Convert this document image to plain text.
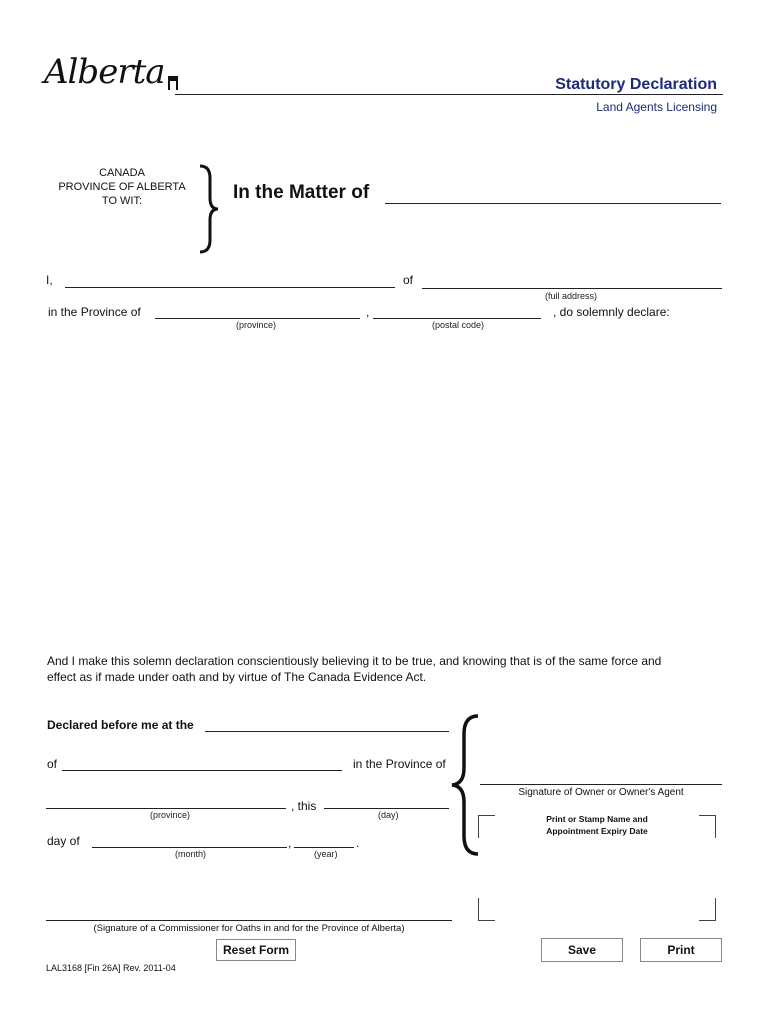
Alberta	Statutory Declaration
Land Agents Licensing
CANADA
PROVINCE OF ALBERTA
TO WIT:	In the Matter of
I,	of
(full address)
in the Province of
(province)
,
(postal code)
, do solemnly declare:
And I make this solemn declaration conscientiously believing it to be true, and knowing that is of the same force and effect as if made under oath and by virtue of The Canada Evidence Act.
Declared before me at the
of	in the Province of
(province)
, this
(day)
day of
(month)
,
(year)
.
Signature of Owner or Owner's Agent
Print or Stamp Name and
Appointment Expiry Date
(Signature of a Commissioner for Oaths in and for the Province of Alberta)
Reset Form	Save	Print
LAL3168 [Fin 26A] Rev. 2011-04
